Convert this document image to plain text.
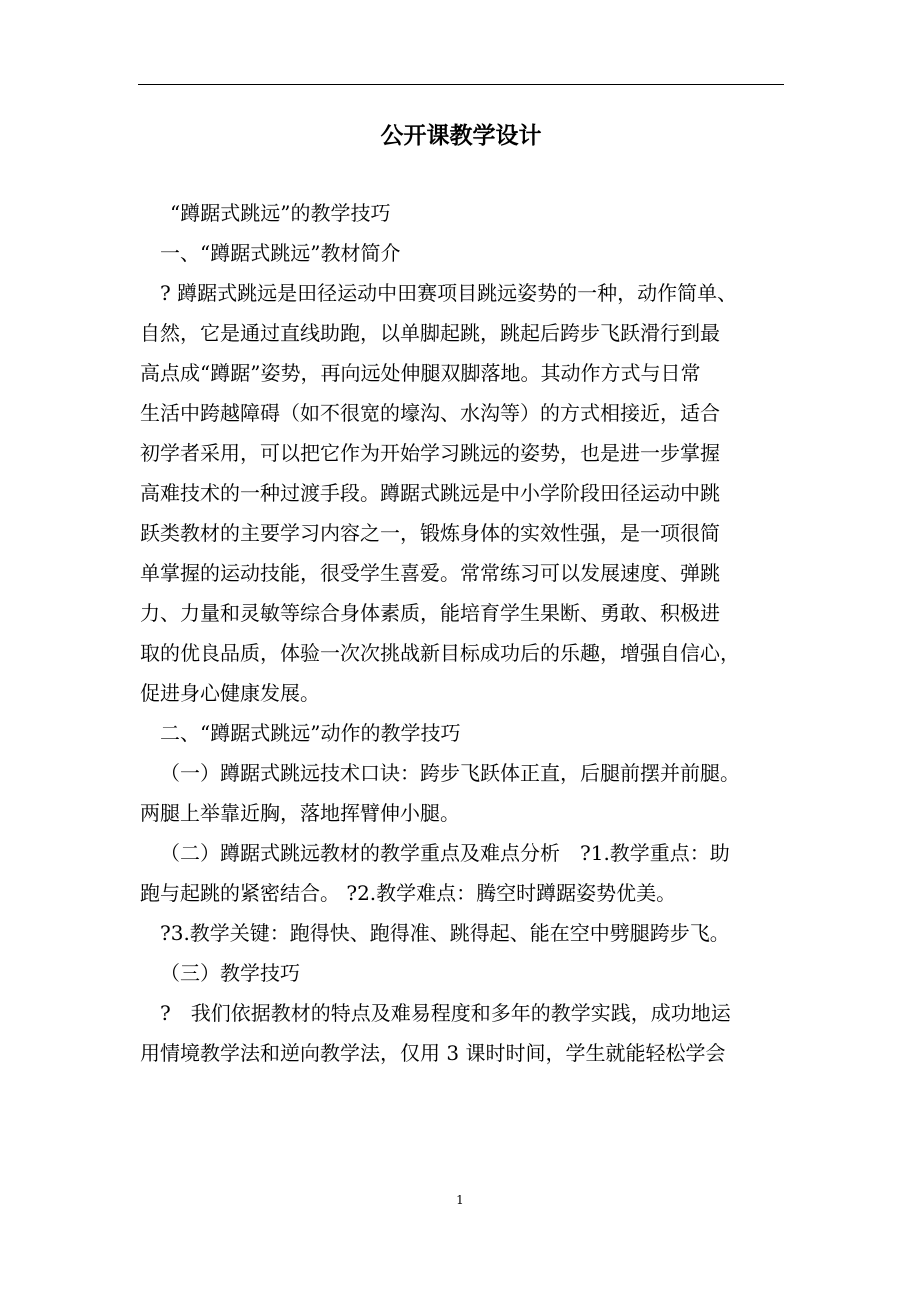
公开课教学设计

“蹲踞式跳远”的教学技巧

一、“蹲踞式跳远”教材简介

? 蹲踞式跳远是田径运动中田赛项目跳远姿势的一种，动作简单、

自然，它是通过直线助跑，以单脚起跳，跳起后跨步飞跃滑行到最

高点成“蹲踞”姿势，再向远处伸腿双脚落地。其动作方式与日常

生活中跨越障碍（如不很宽的壕沟、水沟等）的方式相接近，适合

初学者采用，可以把它作为开始学习跳远的姿势，也是进一步掌握

高难技术的一种过渡手段。蹲踞式跳远是中小学阶段田径运动中跳

跃类教材的主要学习内容之一，锻炼身体的实效性强，是一项很简

单掌握的运动技能，很受学生喜爱。常常练习可以发展速度、弹跳

力、力量和灵敏等综合身体素质，能培育学生果断、勇敢、积极进

取的优良品质，体验一次次挑战新目标成功后的乐趣，增强自信心，

促进身心健康发展。

二、“蹲踞式跳远”动作的教学技巧

（一）蹲踞式跳远技术口诀：跨步飞跃体正直，后腿前摆并前腿。

两腿上举靠近胸，落地挥臂伸小腿。

（二）蹲踞式跳远教材的教学重点及难点分析　?1.教学重点：助

跑与起跳的紧密结合。 ?2.教学难点：腾空时蹲踞姿势优美。

?3.教学关键：跑得快、跑得准、跳得起、能在空中劈腿跨步飞。

（三）教学技巧

?　我们依据教材的特点及难易程度和多年的教学实践，成功地运

用情境教学法和逆向教学法，仅用 3 课时时间，学生就能轻松学会

1
